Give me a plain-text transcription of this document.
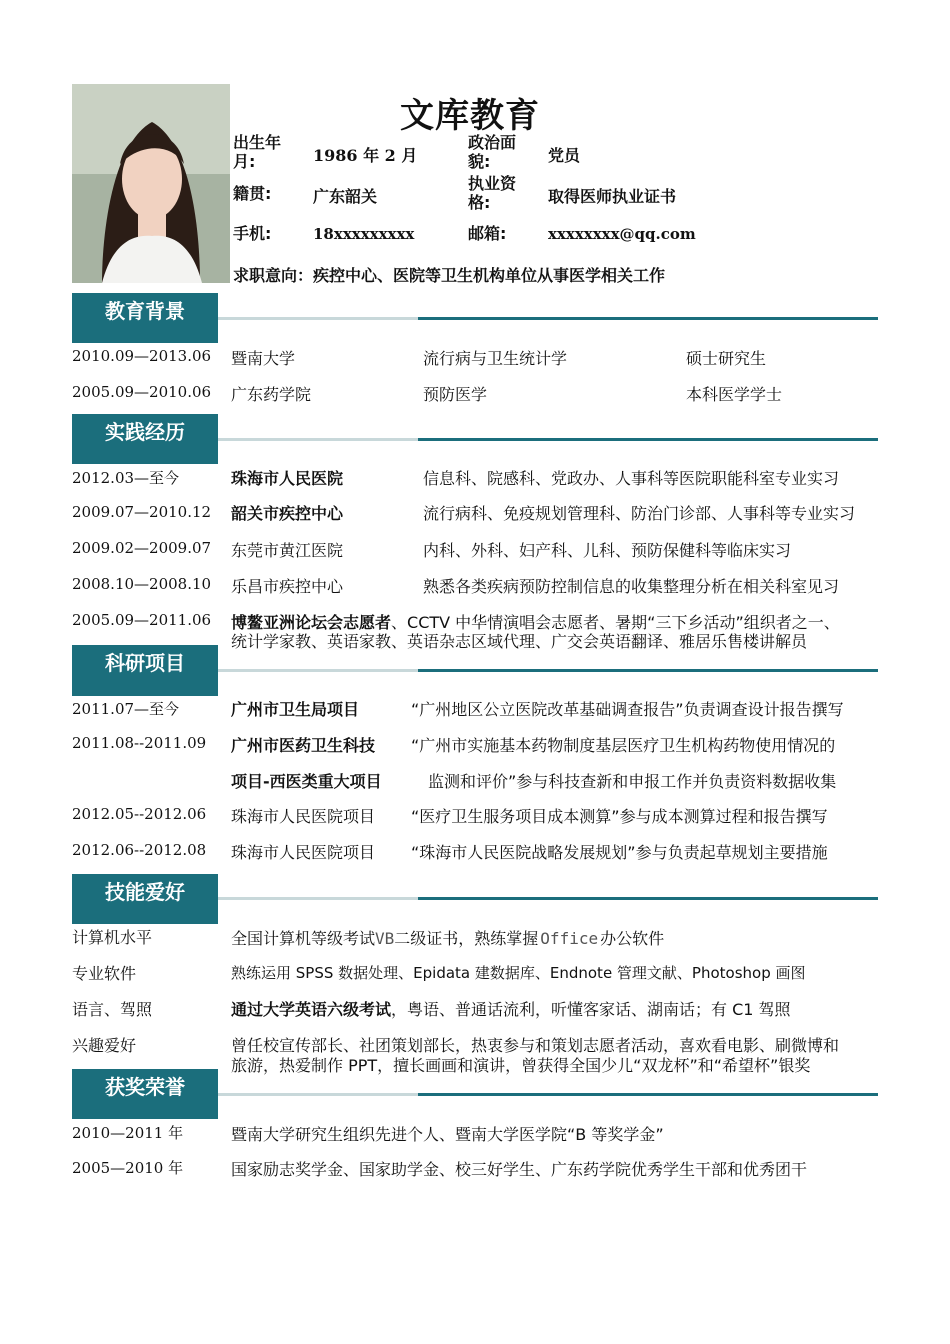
文库教育
出生年
月:	1986 年 2 月
政治面
貌:	党员
籍贯:	广东韶关
执业资
格:	取得医师执业证书
手机:	18xxxxxxxxx	邮箱:	xxxxxxxx@qq.com
求职意向：疾控中心、医院等卫生机构单位从事医学相关工作
教育背景
2010.09—2013.06 暨南大学	流行病与卫生统计学	硕士研究生
2005.09—2010.06 广东药学院	预防医学	本科医学学士
实践经历
2012.03—至今	珠海市人民医院	信息科、院感科、党政办、人事科等医院职能科室专业实习
2009.07—2010.12 韶关市疾控中心	流行病科、免疫规划管理科、防治门诊部、人事科等专业实习
2009.02—2009.07 东莞市黄江医院	内科、外科、妇产科、儿科、预防保健科等临床实习
2008.10—2008.10 乐昌市疾控中心	熟悉各类疾病预防控制信息的收集整理分析在相关科室见习
2005.09—2011.06 博鳌亚洲论坛会志愿者、CCTV 中华情演唱会志愿者、暑期“三下乡活动”组织者之一、
统计学家教、英语家教、英语杂志区域代理、广交会英语翻译、雅居乐售楼讲解员
科研项目
2011.07—至今	广州市卫生局项目	“广州地区公立医院改革基础调查报告”负责调查设计报告撰写
2011.08--2011.09 广州市医药卫生科技 “广州市实施基本药物制度基层医疗卫生机构药物使用情况的
项目-西医类重大项目	监测和评价”参与科技查新和申报工作并负责资料数据收集
2012.05--2012.06 珠海市人民医院项目 “医疗卫生服务项目成本测算”参与成本测算过程和报告撰写
2012.06--2012.08 珠海市人民医院项目 “珠海市人民医院战略发展规划”参与负责起草规划主要措施
技能爱好
计算机水平	全国计算机等级考试VB二级证书，熟练掌握 Office 办公软件
专业软件	熟练运用 SPSS 数据处理、Epidata 建数据库、Endnote 管理文献、Photoshop 画图
语言、驾照	通过大学英语六级考试，粤语、普通话流利，听懂客家话、湖南话；有 C1 驾照
兴趣爱好	曾任校宣传部长、社团策划部长，热衷参与和策划志愿者活动，喜欢看电影、刷微博和
旅游，热爱制作 PPT，擅长画画和演讲，曾获得全国少儿“双龙杯”和“希望杯”银奖
获奖荣誉
2010—2011 年	暨南大学研究生组织先进个人、暨南大学医学院“B 等奖学金”
2005—2010 年	国家励志奖学金、国家助学金、校三好学生、广东药学院优秀学生干部和优秀团干
